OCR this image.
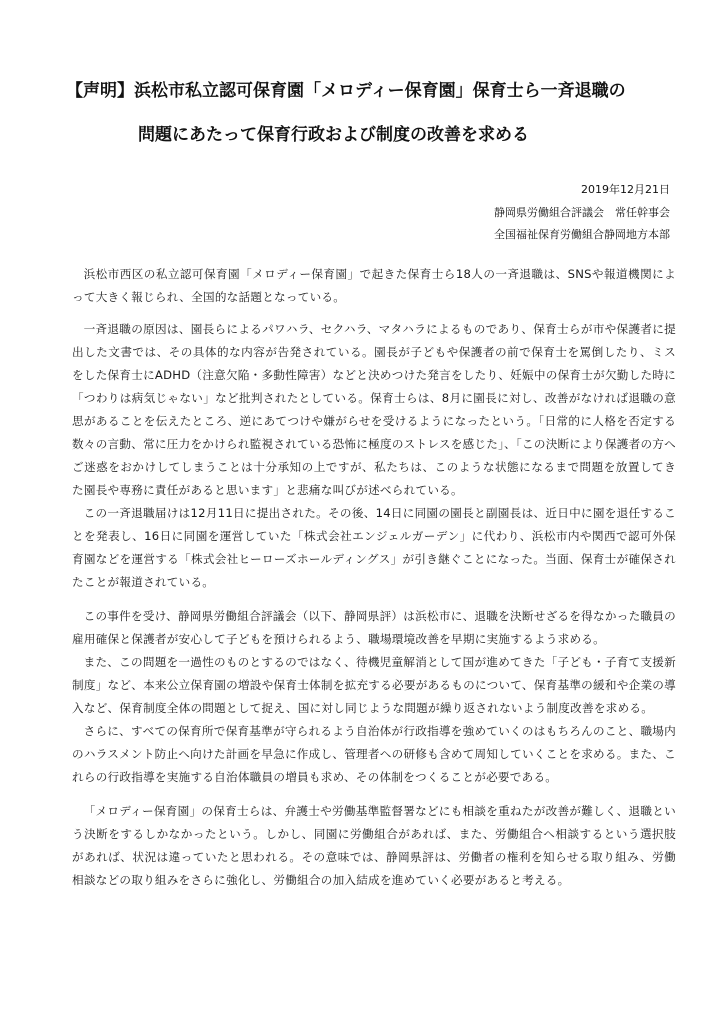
【声明】浜松市私立認可保育園「メロディー保育園」保育士ら一斉退職の
問題にあたって保育行政および制度の改善を求める
2019年12月21日
静岡県労働組合評議会　常任幹事会
全国福祉保育労働組合静岡地方本部

浜松市西区の私立認可保育園「メロディー保育園」で起きた保育士ら18人の一斉退職は、SNSや報道機関によって大きく報じられ、全国的な話題となっている。

一斉退職の原因は、園長らによるパワハラ、セクハラ、マタハラによるものであり、保育士らが市や保護者に提出した文書では、その具体的な内容が告発されている。園長が子どもや保護者の前で保育士を罵倒したり、ミスをした保育士にADHD（注意欠陥・多動性障害）などと決めつけた発言をしたり、妊娠中の保育士が欠勤した時に「つわりは病気じゃない」など批判されたとしている。保育士らは、8月に園長に対し、改善がなければ退職の意思があることを伝えたところ、逆にあてつけや嫌がらせを受けるようになったという。「日常的に人格を否定する数々の言動、常に圧力をかけられ監視されている恐怖に極度のストレスを感じた」、「この決断により保護者の方へご迷惑をおかけしてしまうことは十分承知の上ですが、私たちは、このような状態になるまで問題を放置してきた園長や専務に責任があると思います」と悲痛な叫びが述べられている。

この一斉退職届けは12月11日に提出された。その後、14日に同園の園長と副園長は、近日中に園を退任することを発表し、16日に同園を運営していた「株式会社エンジェルガーデン」に代わり、浜松市内や関西で認可外保育園などを運営する「株式会社ヒーローズホールディングス」が引き継ぐことになった。当面、保育士が確保されたことが報道されている。

この事件を受け、静岡県労働組合評議会（以下、静岡県評）は浜松市に、退職を決断せざるを得なかった職員の雇用確保と保護者が安心して子どもを預けられるよう、職場環境改善を早期に実施するよう求める。

また、この問題を一過性のものとするのではなく、待機児童解消として国が進めてきた「子ども・子育て支援新制度」など、本来公立保育園の増設や保育士体制を拡充する必要があるものについて、保育基準の緩和や企業の導入など、保育制度全体の問題として捉え、国に対し同じような問題が繰り返されないよう制度改善を求める。

さらに、すべての保育所で保育基準が守られるよう自治体が行政指導を強めていくのはもちろんのこと、職場内のハラスメント防止へ向けた計画を早急に作成し、管理者への研修も含めて周知していくことを求める。また、これらの行政指導を実施する自治体職員の増員も求め、その体制をつくることが必要である。

「メロディー保育園」の保育士らは、弁護士や労働基準監督署などにも相談を重ねたが改善が難しく、退職という決断をするしかなかったという。しかし、同園に労働組合があれば、また、労働組合へ相談するという選択肢があれば、状況は違っていたと思われる。その意味では、静岡県評は、労働者の権利を知らせる取り組み、労働相談などの取り組みをさらに強化し、労働組合の加入結成を進めていく必要があると考える。
